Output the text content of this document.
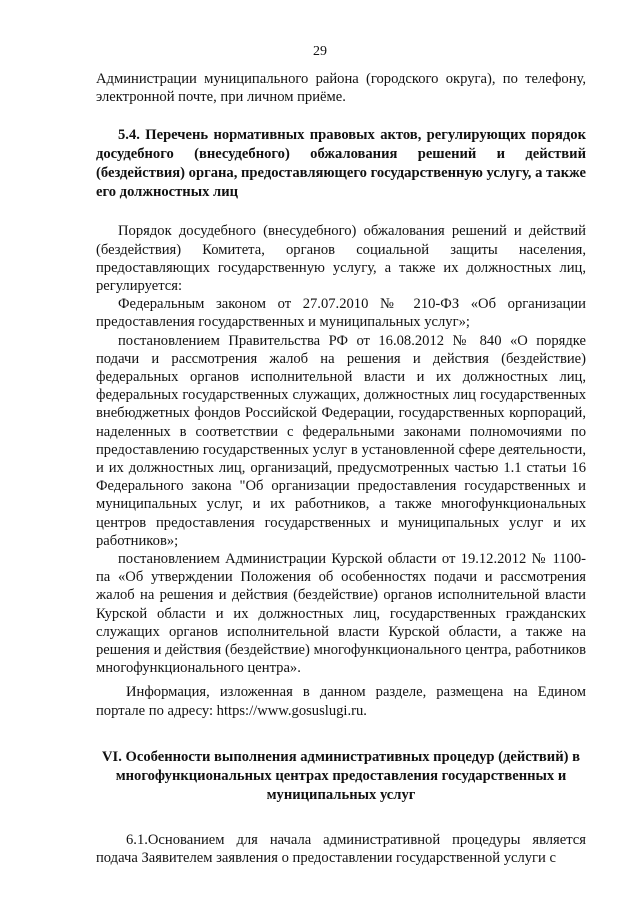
29

Администрации муниципального района (городского округа), по телефону, электронной почте, при личном приёме.

5.4. Перечень нормативных правовых актов, регулирующих порядок досудебного (внесудебного) обжалования решений и действий (бездействия) органа, предоставляющего государственную услугу, а также его должностных лиц

Порядок досудебного (внесудебного) обжалования решений и действий (бездействия) Комитета, органов социальной защиты населения, предоставляющих государственную услугу, а также их должностных лиц, регулируется:

Федеральным законом от 27.07.2010 № 210-ФЗ «Об организации предоставления государственных и муниципальных услуг»;

постановлением Правительства РФ от 16.08.2012 № 840 «О порядке подачи и рассмотрения жалоб на решения и действия (бездействие) федеральных органов исполнительной власти и их должностных лиц, федеральных государственных служащих, должностных лиц государственных внебюджетных фондов Российской Федерации, государственных корпораций, наделенных в соответствии с федеральными законами полномочиями по предоставлению государственных услуг в установленной сфере деятельности, и их должностных лиц, организаций, предусмотренных частью 1.1 статьи 16 Федерального закона "Об организации предоставления государственных и муниципальных услуг, и их работников, а также многофункциональных центров предоставления государственных и муниципальных услуг и их работников»;

постановлением Администрации Курской области от 19.12.2012 № 1100-па «Об утверждении Положения об особенностях подачи и рассмотрения жалоб на решения и действия (бездействие) органов исполнительной власти Курской области и их должностных лиц, государственных гражданских служащих органов исполнительной власти Курской области, а также на решения и действия (бездействие) многофункционального центра, работников многофункционального центра».

Информация, изложенная в данном разделе, размещена на Едином портале по адресу: https://www.gosuslugi.ru.

VI. Особенности выполнения административных процедур (действий) в многофункциональных центрах предоставления государственных и муниципальных услуг

6.1.Основанием для начала административной процедуры является подача Заявителем заявления о предоставлении государственной услуги с
